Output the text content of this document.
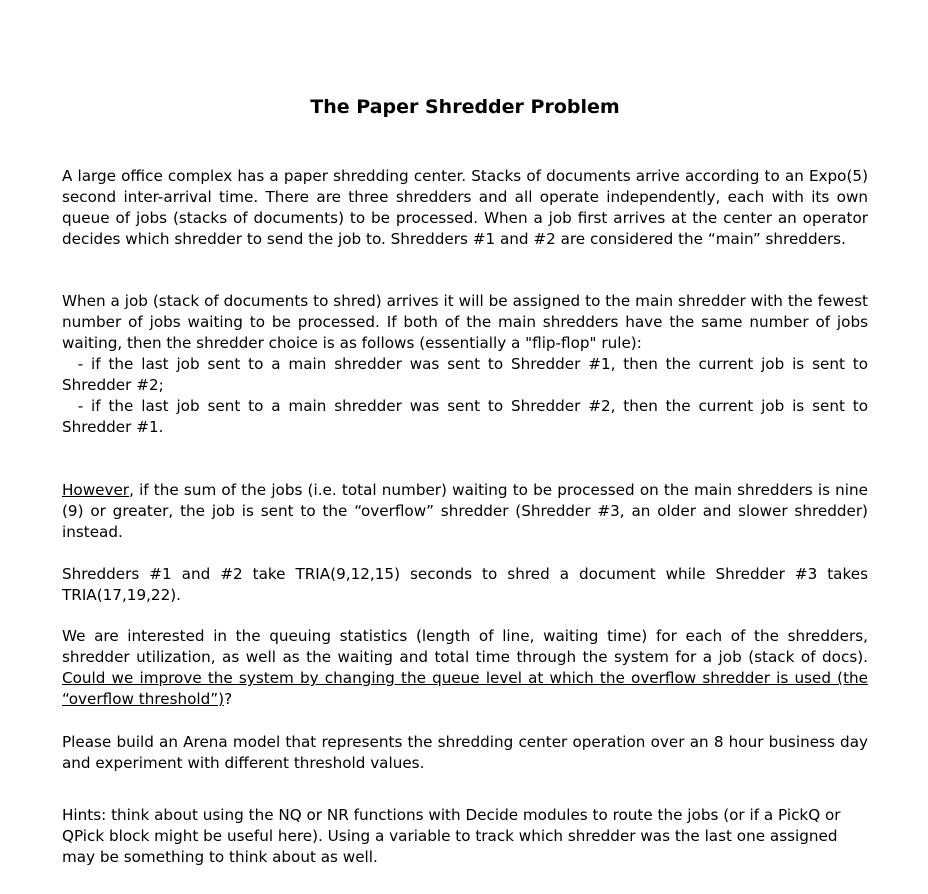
The Paper Shredder Problem

A large office complex has a paper shredding center. Stacks of documents arrive according to an Expo(5) second inter-arrival time. There are three shredders and all operate independently, each with its own queue of jobs (stacks of documents) to be processed. When a job first arrives at the center an operator decides which shredder to send the job to. Shredders #1 and #2 are considered the “main” shredders.

When a job (stack of documents to shred) arrives it will be assigned to the main shredder with the fewest number of jobs waiting to be processed. If both of the main shredders have the same number of jobs waiting, then the shredder choice is as follows (essentially a "flip-flop" rule):
- if the last job sent to a main shredder was sent to Shredder #1, then the current job is sent to Shredder #2;
- if the last job sent to a main shredder was sent to Shredder #2, then the current job is sent to Shredder #1.

However, if the sum of the jobs (i.e. total number) waiting to be processed on the main shredders is nine (9) or greater, the job is sent to the “overflow” shredder (Shredder #3, an older and slower shredder) instead.

Shredders #1 and #2 take TRIA(9,12,15) seconds to shred a document while Shredder #3 takes TRIA(17,19,22).

We are interested in the queuing statistics (length of line, waiting time) for each of the shredders, shredder utilization, as well as the waiting and total time through the system for a job (stack of docs).  Could we improve the system by changing the queue level at which the overflow shredder is used (the “overflow threshold”)?

Please build an Arena model that represents the shredding center operation over an 8 hour business day and experiment with different threshold values.

Hints: think about using the NQ or NR functions with Decide modules to route the jobs (or if a PickQ or QPick block might be useful here). Using a variable to track which shredder was the last one assigned may be something to think about as well.
